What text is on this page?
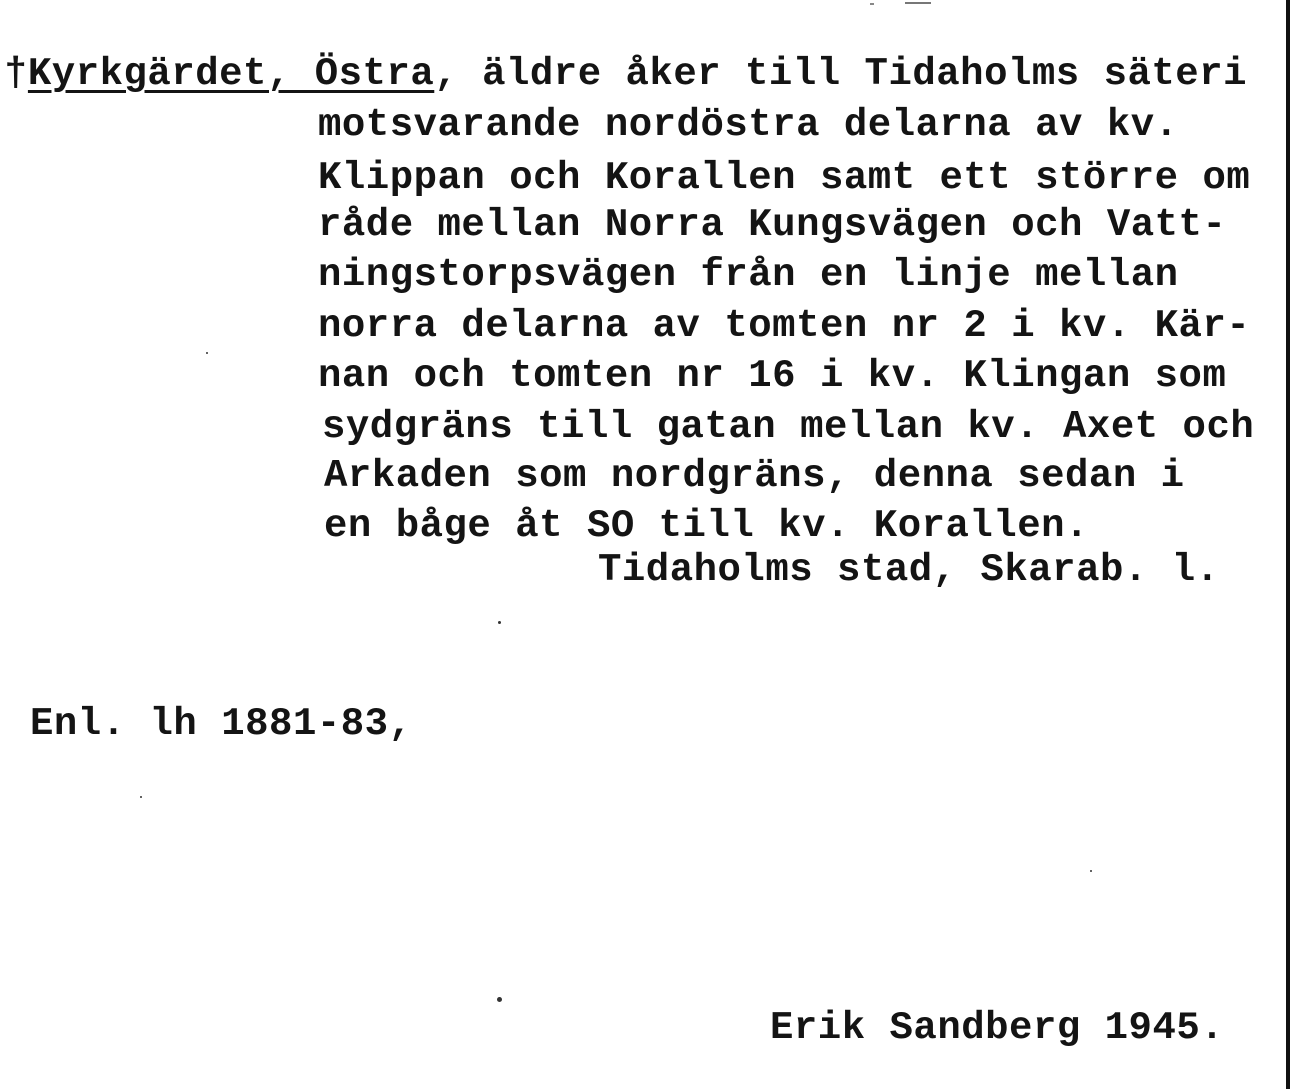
†Kyrkgärdet, Östra, äldre åker till Tidaholms säteri
motsvarande nordöstra delarna av kv.
Klippan och Korallen samt ett större om
råde mellan Norra Kungsvägen och Vatt-
ningstorpsvägen från en linje mellan
norra delarna av tomten nr 2 i kv. Kär-
nan och tomten nr 16 i kv. Klingan som
sydgräns till gatan mellan kv. Axet och
Arkaden som nordgräns, denna sedan i
en båge åt SO till kv. Korallen.
Tidaholms stad, Skarab. l.
Enl. lh 1881-83,
Erik Sandberg 1945.
